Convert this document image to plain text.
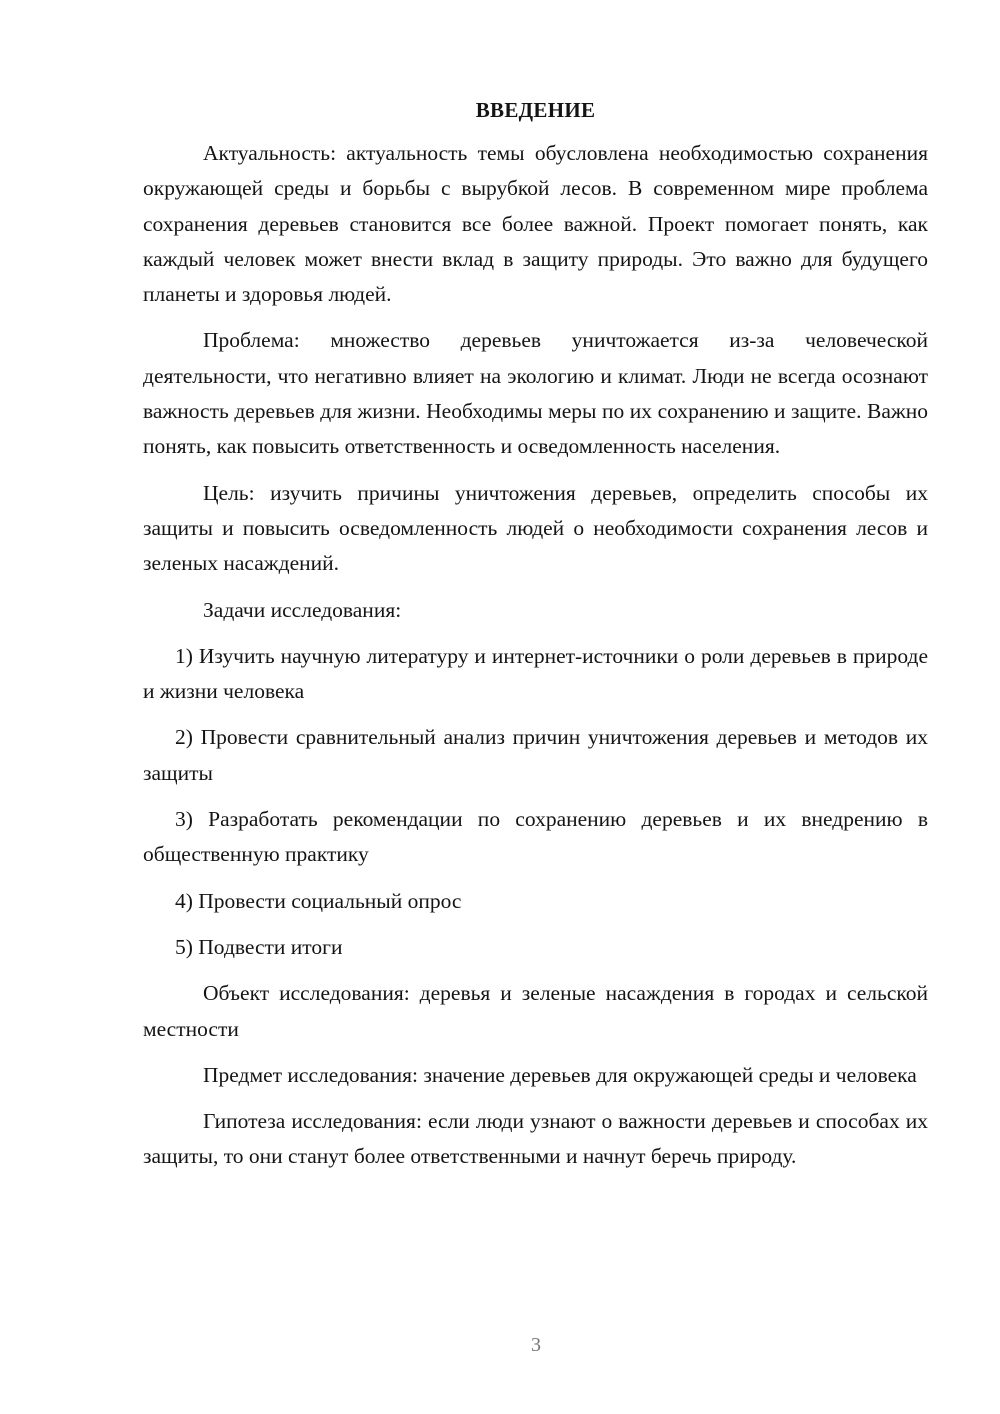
ВВЕДЕНИЕ

Актуальность: актуальность темы обусловлена необходимостью сохранения окружающей среды и борьбы с вырубкой лесов. В современном мире проблема сохранения деревьев становится все более важной. Проект помогает понять, как каждый человек может внести вклад в защиту природы. Это важно для будущего планеты и здоровья людей.

Проблема: множество деревьев уничтожается из-за человеческой деятельности, что негативно влияет на экологию и климат. Люди не всегда осознают важность деревьев для жизни. Необходимы меры по их сохранению и защите. Важно понять, как повысить ответственность и осведомленность населения.

Цель: изучить причины уничтожения деревьев, определить способы их защиты и повысить осведомленность людей о необходимости сохранения лесов и зеленых насаждений.

Задачи исследования:

1) Изучить научную литературу и интернет-источники о роли деревьев в природе и жизни человека

2) Провести сравнительный анализ причин уничтожения деревьев и методов их защиты

3) Разработать рекомендации по сохранению деревьев и их внедрению в общественную практику

4) Провести социальный опрос

5) Подвести итоги

Объект исследования: деревья и зеленые насаждения в городах и сельской местности

Предмет исследования: значение деревьев для окружающей среды и человека

Гипотеза исследования: если люди узнают о важности деревьев и способах их защиты, то они станут более ответственными и начнут беречь природу.

3
